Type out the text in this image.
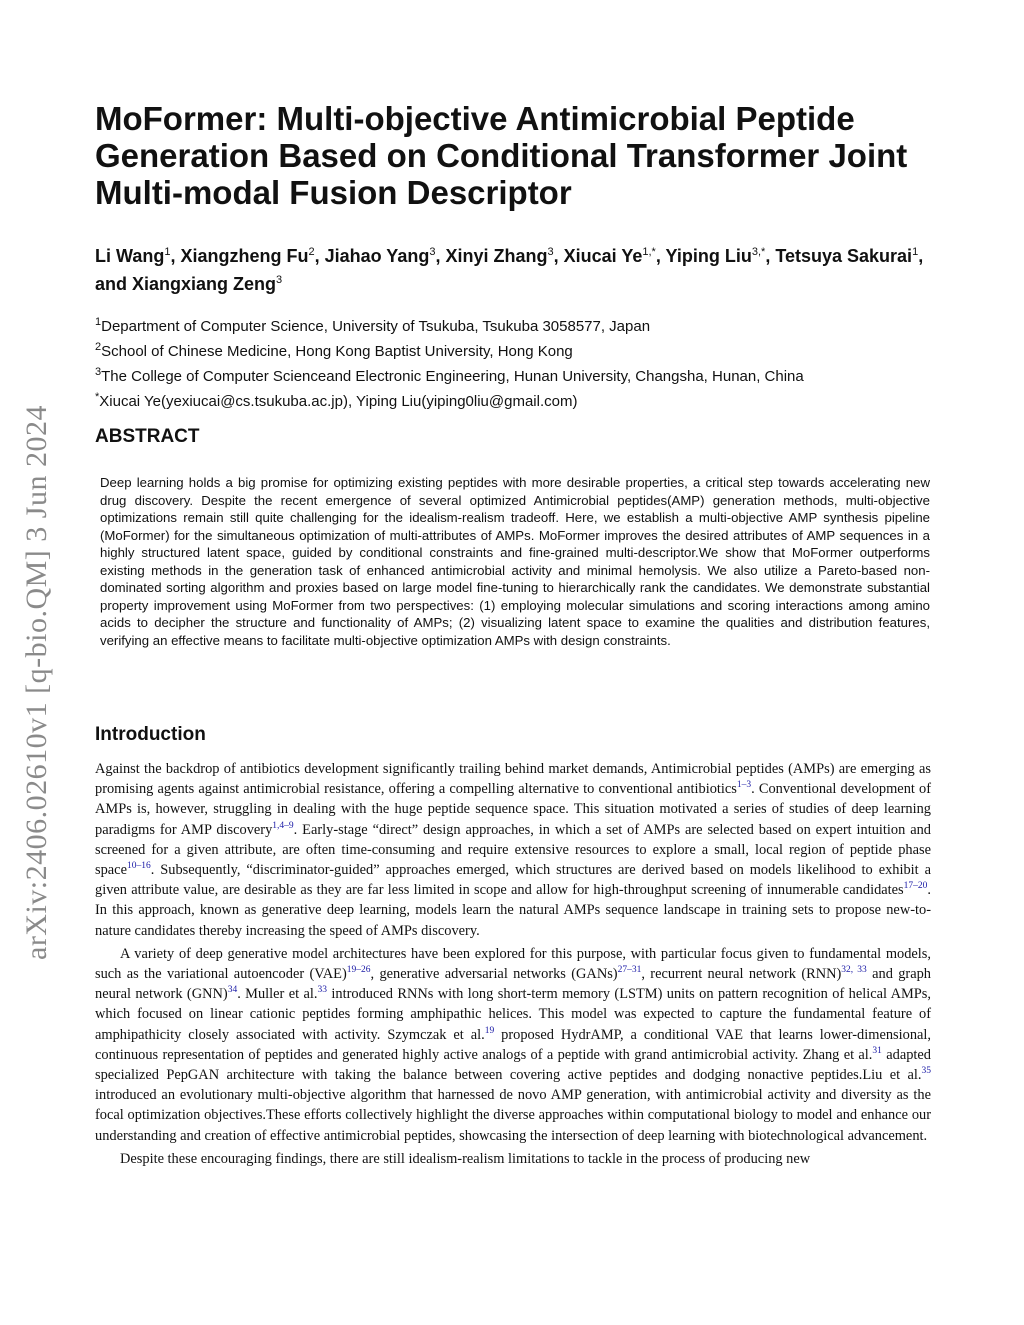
arXiv:2406.02610v1 [q-bio.QM] 3 Jun 2024
MoFormer: Multi-objective Antimicrobial Peptide Generation Based on Conditional Transformer Joint Multi-modal Fusion Descriptor
Li Wang$^1$, Xiangzheng Fu$^2$, Jiahao Yang$^3$, Xinyi Zhang$^3$, Xiucai $Ye^{1,*}$, Yiping Liu$^{3,*}$, Tetsuya Sakurai$^1$, and Xiangxiang Zeng$^3$
$^1$Department of Computer Science, University of Tsukuba, Tsukuba 3058577, Japan
$^2$School of Chinese Medicine, Hong Kong Baptist University, Hong Kong
$^3$The College of Computer Scienceand Electronic Engineering, Hunan University, Changsha, Hunan, China
*Xiucai Ye(yexiucai@cs.tsukuba.ac.jp), Yiping Liu(yiping0liu@gmail.com)
ABSTRACT
Deep learning holds a big promise for optimizing existing peptides with more desirable properties, a critical step towards accelerating new drug discovery. Despite the recent emergence of several optimized Antimicrobial peptides(AMP) generation methods, multi-objective optimizations remain still quite challenging for the idealism-realism tradeoff. Here, we establish a multi-objective AMP synthesis pipeline (MoFormer) for the simultaneous optimization of multi-attributes of AMPs. MoFormer improves the desired attributes of AMP sequences in a highly structured latent space, guided by conditional constraints and fine-grained multi-descriptor.We show that MoFormer outperforms existing methods in the generation task of enhanced antimicrobial activity and minimal hemolysis. We also utilize a Pareto-based non-dominated sorting algorithm and proxies based on large model fine-tuning to hierarchically rank the candidates. We demonstrate substantial property improvement using MoFormer from two perspectives: (1) employing molecular simulations and scoring interactions among amino acids to decipher the structure and functionality of AMPs; (2) visualizing latent space to examine the qualities and distribution features, verifying an effective means to facilitate multi-objective optimization AMPs with design constraints.
Introduction

Against the backdrop of antibiotics development significantly trailing behind market demands, Antimicrobial peptides (AMPs) are emerging as promising agents against antimicrobial resistance, offering a compelling alternative to conventional antibiotics$^{1-3}$. Conventional development of AMPs is, however, struggling in dealing with the huge peptide sequence space. This situation motivated a series of studies of deep learning paradigms for AMP discovery$^{1,4-9}$. Early-stage “direct” design approaches, in which a set of AMPs are selected based on expert intuition and screened for a given attribute, are often time-consuming and require extensive resources to explore a small, local region of peptide phase space$^{10-16}$. Subsequently, “discriminator-guided” approaches emerged, which structures are derived based on models likelihood to exhibit a given attribute value, are desirable as they are far less limited in scope and allow for high-throughput screening of innumerable candidates$^{17-20}$. In this approach, known as generative deep learning, models learn the natural AMPs sequence landscape in training sets to propose new-to-nature candidates thereby increasing the speed of AMPs discovery.

A variety of deep generative model architectures have been explored for this purpose, with particular focus given to fundamental models, such as the variational autoencoder (VAE)$^{19-26}$, generative adversarial networks (GANs)$^{27-31}$, recurrent neural network (RNN)$^{32, 33}$ and graph neural network (GNN)$^{34}$. Muller et al.$^{33}$ introduced RNNs with long short-term memory (LSTM) units on pattern recognition of helical AMPs, which focused on linear cationic peptides forming amphipathic helices. This model was expected to capture the fundamental feature of amphipathicity closely associated with activity. Szymczak et al.$^{19}$ proposed HydrAMP, a conditional VAE that learns lower-dimensional, continuous representation of peptides and generated highly active analogs of a peptide with grand antimicrobial activity. Zhang et al.$^{31}$ adapted specialized PepGAN architecture with taking the balance between covering active peptides and dodging nonactive peptides.Liu et al.$^{35}$ introduced an evolutionary multi-objective algorithm that harnessed de novo AMP generation, with antimicrobial activity and diversity as the focal optimization objectives.These efforts collectively highlight the diverse approaches within computational biology to model and enhance our understanding and creation of effective antimicrobial peptides, showcasing the intersection of deep learning with biotechnological advancement.

Despite these encouraging findings, there are still idealism-realism limitations to tackle in the process of producing new
